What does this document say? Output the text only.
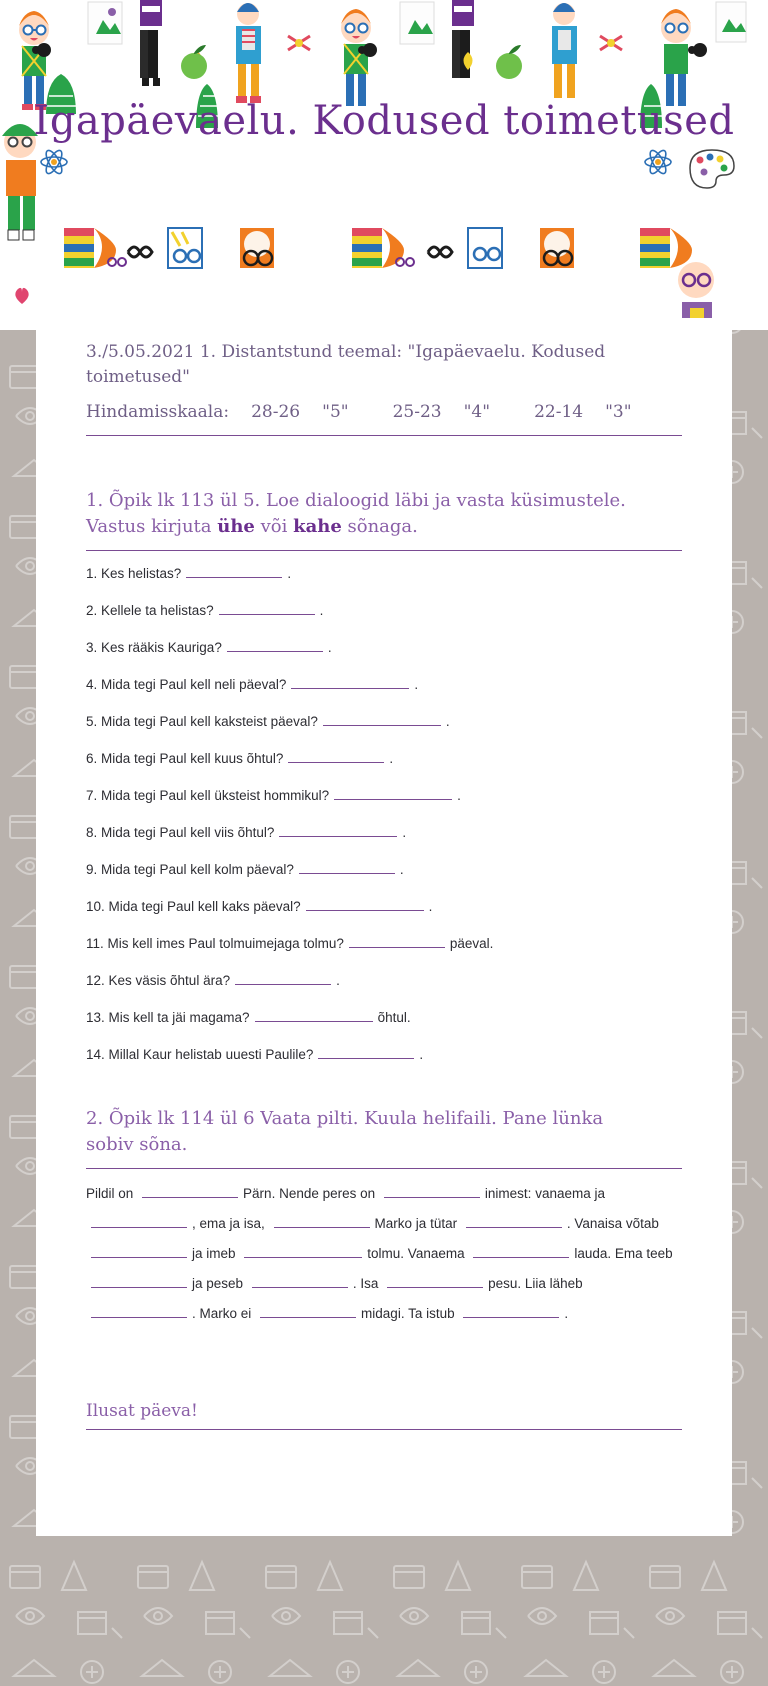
Igapäevaelu. Kodused toimetused
3./5.05.2021 1. Distantstund teemal: "Igapäevaelu. Kodused toimetused"
Hindamisskaala: 28-26 "5"	25-23 "4"	22-14 "3"
1. Õpik lk 113 ül 5. Loe dialoogid läbi ja vasta küsimustele.
Vastus kirjuta ühe või kahe sõnaga.
1. Kes helistas?	.
2. Kellele ta helistas?	.
3. Kes rääkis Kauriga?	.
4. Mida tegi Paul kell neli päeval?	.
5. Mida tegi Paul kell kaksteist päeval?	.
6. Mida tegi Paul kell kuus õhtul?	.
7. Mida tegi Paul kell üksteist hommikul?	.
8. Mida tegi Paul kell viis õhtul?	.
9. Mida tegi Paul kell kolm päeval?	.
10. Mida tegi Paul kell kaks päeval?	.
11. Mis kell imes Paul tolmuimejaga tolmu?	päeval.
12. Kes väsis õhtul ära?	.
13. Mis kell ta jäi magama?	õhtul.
14. Millal Kaur helistab uuesti Paulile?	.
2. Õpik lk 114 ül 6 Vaata pilti. Kuula helifaili. Pane lünka
sobiv sõna.
Pildil on	Pärn. Nende peres on	inimest: vanaema ja , ema ja isa,	Marko ja tütar	. Vanaisa võtab ja imeb	tolmu. Vanaema	lauda. Ema teeb ja peseb	. Isa	pesu. Liia läheb . Marko ei	midagi. Ta istub	.
Ilusat päeva!
